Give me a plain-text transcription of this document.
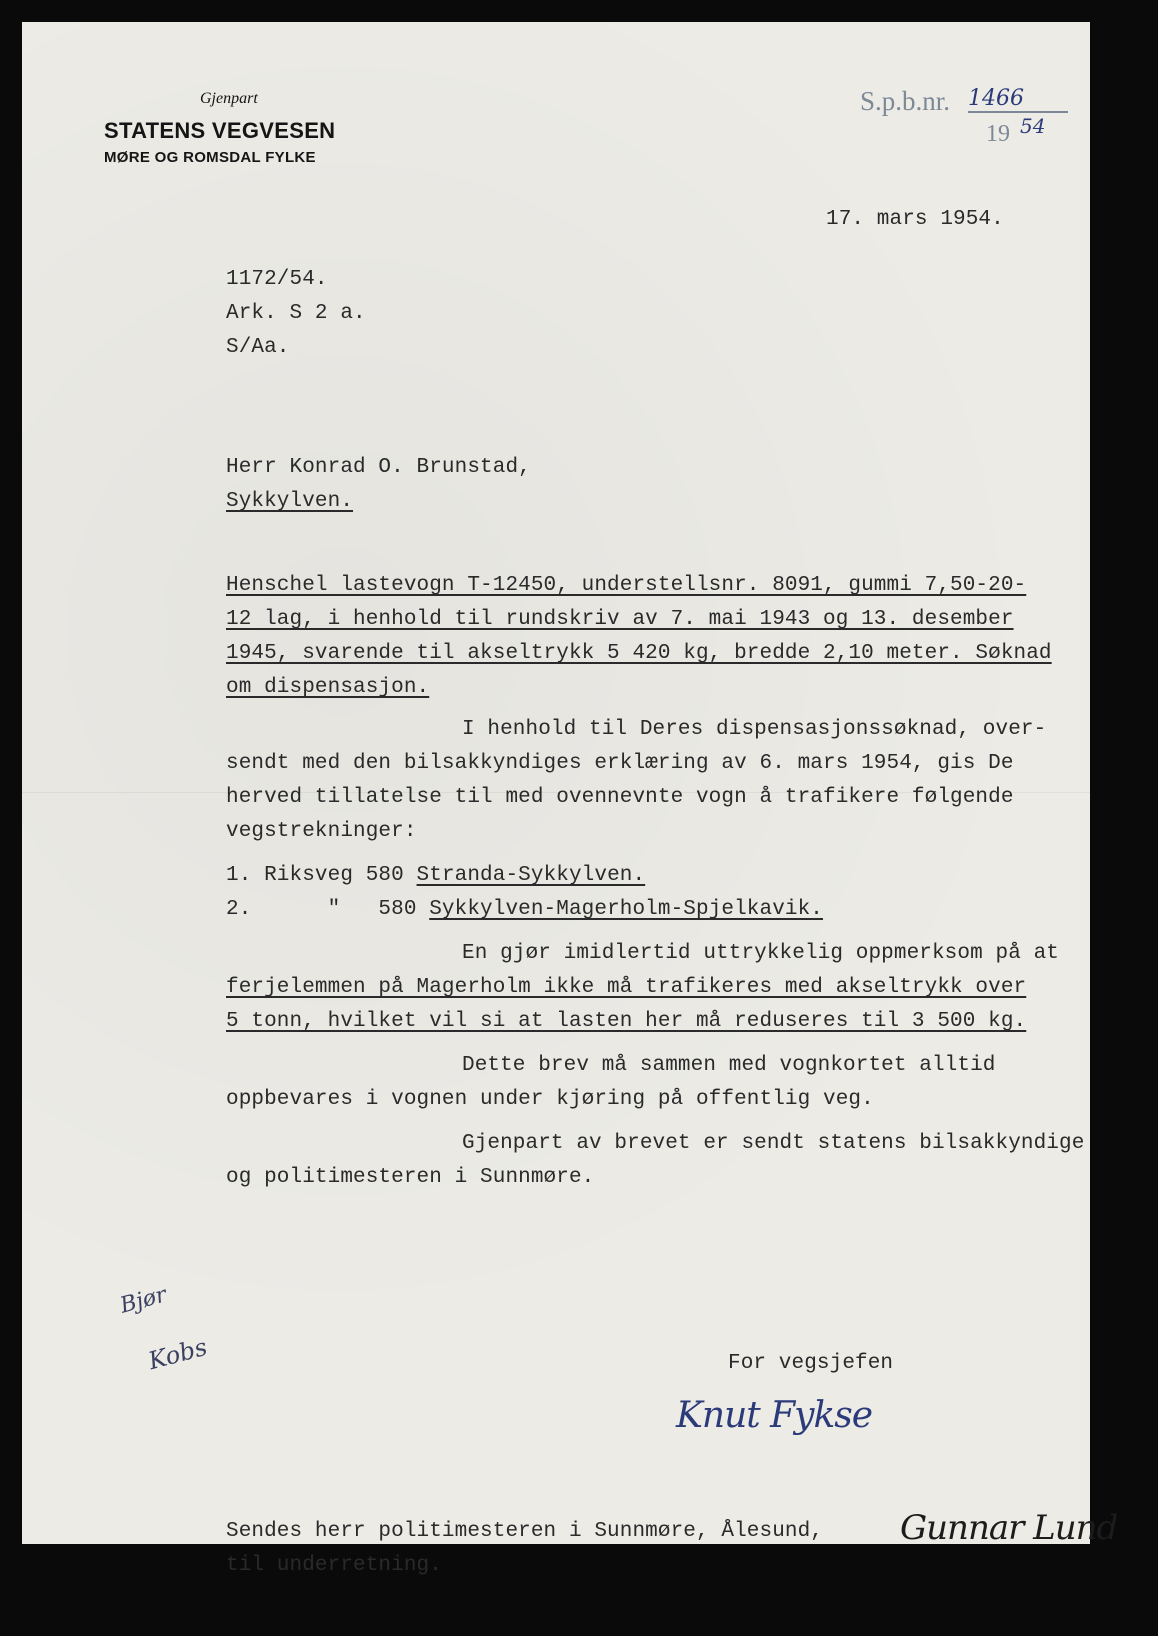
Gjenpart
STATENS VEGVESEN
MØRE OG ROMSDAL FYLKE
S.p.b.nr. 1466
19 54
17. mars 1954.
1172/54.
Ark. S 2 a.
S/Aa.
Herr Konrad O. Brunstad,
Sykkylven.
Henschel lastevogn T-12450, understellsnr. 8091, gummi 7,50-20-
12 lag, i henhold til rundskriv av 7. mai 1943 og 13. desember
1945, svarende til akseltrykk 5 420 kg, bredde 2,10 meter. Søknad
om dispensasjon.
I henhold til Deres dispensasjonssøknad, over-
sendt med den bilsakkyndiges erklæring av 6. mars 1954, gis De
herved tillatelse til med ovennevnte vogn å trafikere følgende
vegstrekninger:
1. Riksveg 580 Stranda-Sykkylven.
2.      "   580 Sykkylven-Magerholm-Spjelkavik.
En gjør imidlertid uttrykkelig oppmerksom på at
ferjelemmen på Magerholm ikke må trafikeres med akseltrykk over
5 tonn, hvilket vil si at lasten her må reduseres til 3 500 kg.
Dette brev må sammen med vognkortet alltid
oppbevares i vognen under kjøring på offentlig veg.
Gjenpart av brevet er sendt statens bilsakkyndige
og politimesteren i Sunnmøre.
Bjør
Kobs	For vegsjefen
Knut Fykse
Sendes herr politimesteren i Sunnmøre, Ålesund,
til underretning.
Gunnar Lund
